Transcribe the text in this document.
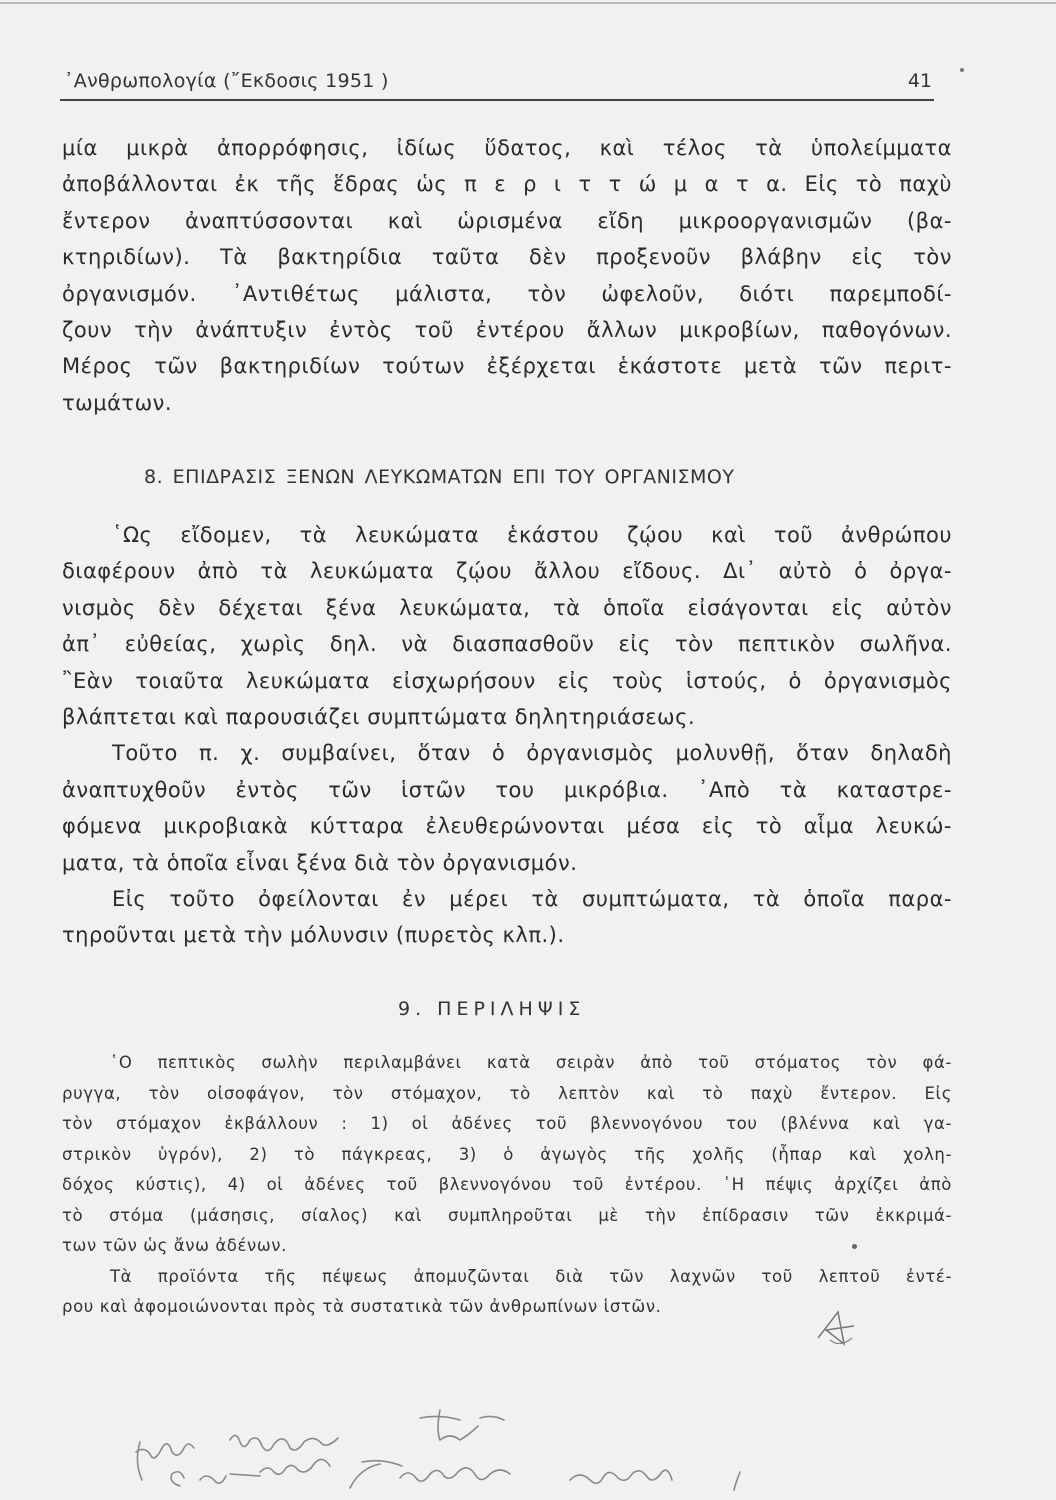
᾿Ανθρωπολογία (῎Εκδοσις 1951 )	41
μία μικρὰ ἀπορρόφησις, ἰδίως ὕδατος, καὶ τέλος τὰ ὑπολείμματα
ἀποβάλλονται ἐκ τῆς ἕδρας ὡς π ε ρ ι τ τ ώ μ α τ α. Εἰς τὸ παχὺ
ἔντερον ἀναπτύσσονται καὶ ὡρισμένα εἴδη μικροοργανισμῶν (βα-
κτηριδίων). Τὰ βακτηρίδια ταῦτα δὲν προξενοῦν βλάβην εἰς τὸν
ὀργανισμόν. ᾿Αντιθέτως μάλιστα, τὸν ὠφελοῦν, διότι παρεμποδί-
ζουν τὴν ἀνάπτυξιν ἐντὸς τοῦ ἐντέρου ἄλλων μικροβίων, παθογόνων.
Μέρος τῶν βακτηριδίων τούτων ἐξέρχεται ἑκάστοτε μετὰ τῶν περιτ-
τωμάτων.
8. ΕΠΙΔΡΑΣΙΣ ΞΕΝΩΝ ΛΕΥΚΩΜΑΤΩΝ ΕΠΙ ΤΟΥ ΟΡΓΑΝΙΣΜΟΥ
῾Ως εἴδομεν, τὰ λευκώματα ἑκάστου ζῴου καὶ τοῦ ἀνθρώπου
διαφέρουν ἀπὸ τὰ λευκώματα ζῴου ἄλλου εἴδους. Δι᾿ αὐτὸ ὁ ὀργα-
νισμὸς δὲν δέχεται ξένα λευκώματα, τὰ ὁποῖα εἰσάγονται εἰς αὐτὸν
ἀπ᾿ εὐθείας, χωρὶς δηλ. νὰ διασπασθοῦν εἰς τὸν πεπτικὸν σωλῆνα.
῍Εὰν τοιαῦτα λευκώματα εἰσχωρήσουν εἰς τοὺς ἱστούς, ὁ ὀργανισμὸς
βλάπτεται καὶ παρουσιάζει συμπτώματα δηλητηριάσεως.
Τοῦτο π. χ. συμβαίνει, ὅταν ὁ ὀργανισμὸς μολυνθῇ, ὅταν δηλαδὴ
ἀναπτυχθοῦν ἐντὸς τῶν ἱστῶν του μικρόβια. ᾿Απὸ τὰ καταστρε-
φόμενα μικροβιακὰ κύτταρα ἐλευθερώνονται μέσα εἰς τὸ αἷμα λευκώ-
ματα, τὰ ὁποῖα εἶναι ξένα διὰ τὸν ὀργανισμόν.
Εἰς τοῦτο ὀφείλονται ἐν μέρει τὰ συμπτώματα, τὰ ὁποῖα παρα-
τηροῦνται μετὰ τὴν μόλυνσιν (πυρετὸς κλπ.).
9. ΠΕΡΙΛΗΨΙΣ
῾Ο πεπτικὸς σωλὴν περιλαμβάνει κατὰ σειρὰν ἀπὸ τοῦ στόματος τὸν φά-
ρυγγα, τὸν οἰσοφάγον, τὸν στόμαχον, τὸ λεπτὸν καὶ τὸ παχὺ ἔντερον. Εἰς
τὸν στόμαχον ἐκβάλλουν : 1) οἱ ἀδένες τοῦ βλεννογόνου του (βλέννα καὶ γα-
στρικὸν ὑγρόν), 2) τὸ πάγκρεας, 3) ὁ ἀγωγὸς τῆς χολῆς (ἧπαρ καὶ χολη-
δόχος κύστις), 4) οἱ ἀδένες τοῦ βλεννογόνου τοῦ ἐντέρου. ῾Η πέψις ἀρχίζει ἀπὸ
τὸ στόμα (μάσησις, σίαλος) καὶ συμπληροῦται μὲ τὴν ἐπίδρασιν τῶν ἐκκριμά-
των τῶν ὡς ἄνω ἀδένων.
Τὰ προϊόντα τῆς πέψεως ἀπομυζῶνται διὰ τῶν λαχνῶν τοῦ λεπτοῦ ἐντέ-
ρου καὶ ἀφομοιώνονται πρὸς τὰ συστατικὰ τῶν ἀνθρωπίνων ἱστῶν.
μαζί γάλα
τσάι-ζάχαρη
